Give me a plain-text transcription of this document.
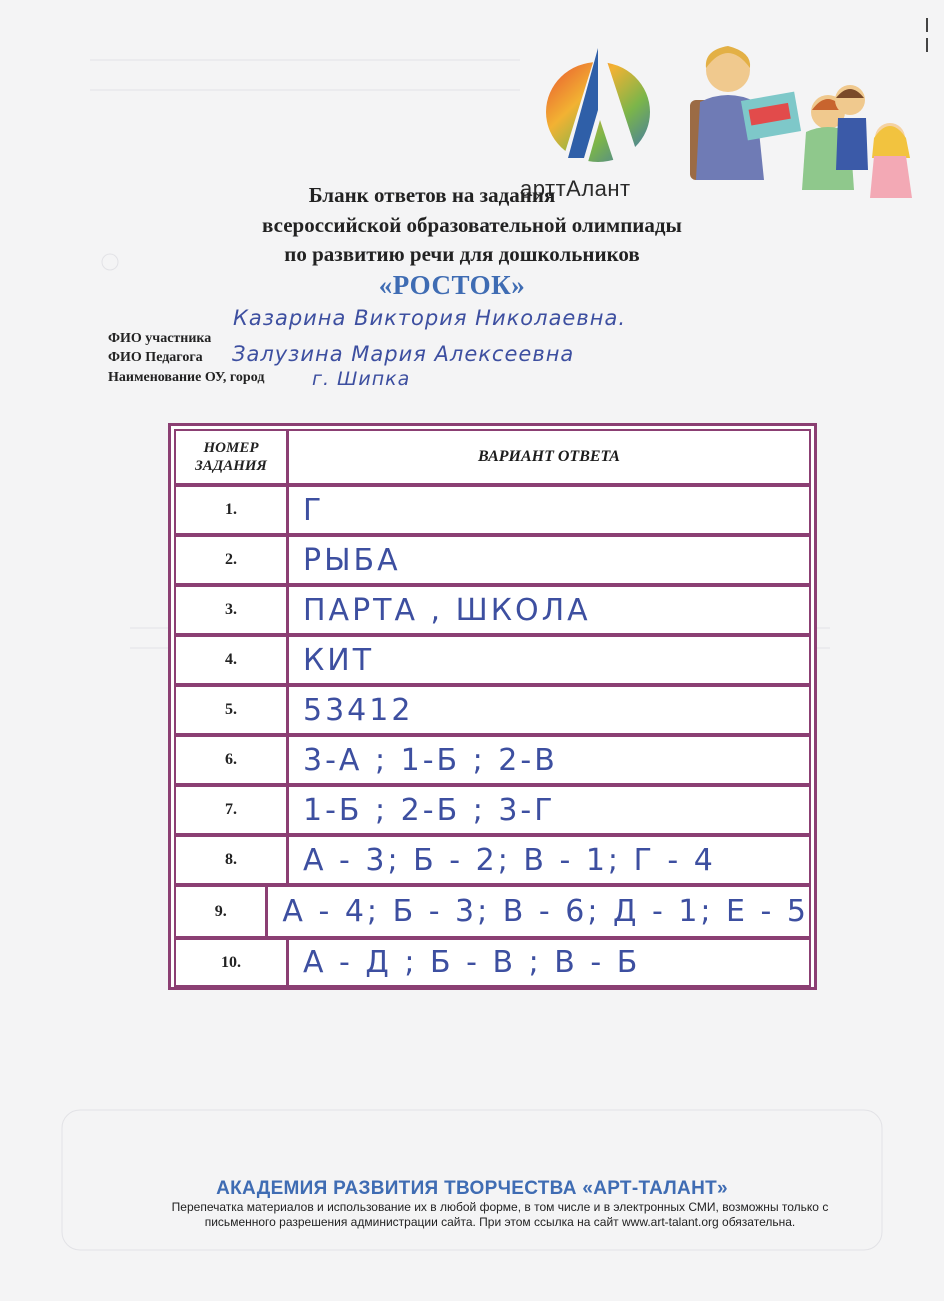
арттАлант
Бланк ответов на задания
всероссийской образовательной олимпиады
по развитию речи для дошкольников
«РОСТОК»
ФИО участника
Казарина Виктория Николаевна.
ФИО Педагога Залузина Мария Алексеевна
Наименование ОУ, город	г. Шипка
НОМЕР ЗАДАНИЯ
ВАРИАНТ ОТВЕТА
1.	Г
2.	РЫБА
3.	ПАРТА , ШКОЛА
4.	КИТ
5.	53412
6.	3-А ; 1-Б ; 2-В
7.	1-Б ; 2-Б ; 3-Г
8.	А - 3; Б - 2; В - 1; Г - 4
9.	А - 4; Б - 3; В - 6; Д - 1; Е - 5
10.	А - Д ; Б - В ; В - Б
АКАДЕМИЯ РАЗВИТИЯ ТВОРЧЕСТВА «АРТ-ТАЛАНТ»
Перепечатка материалов и использование их в любой форме, в том числе и в электронных СМИ, возможны только с письменного разрешения администрации сайта. При этом ссылка на сайт www.art-talant.org обязательна.
